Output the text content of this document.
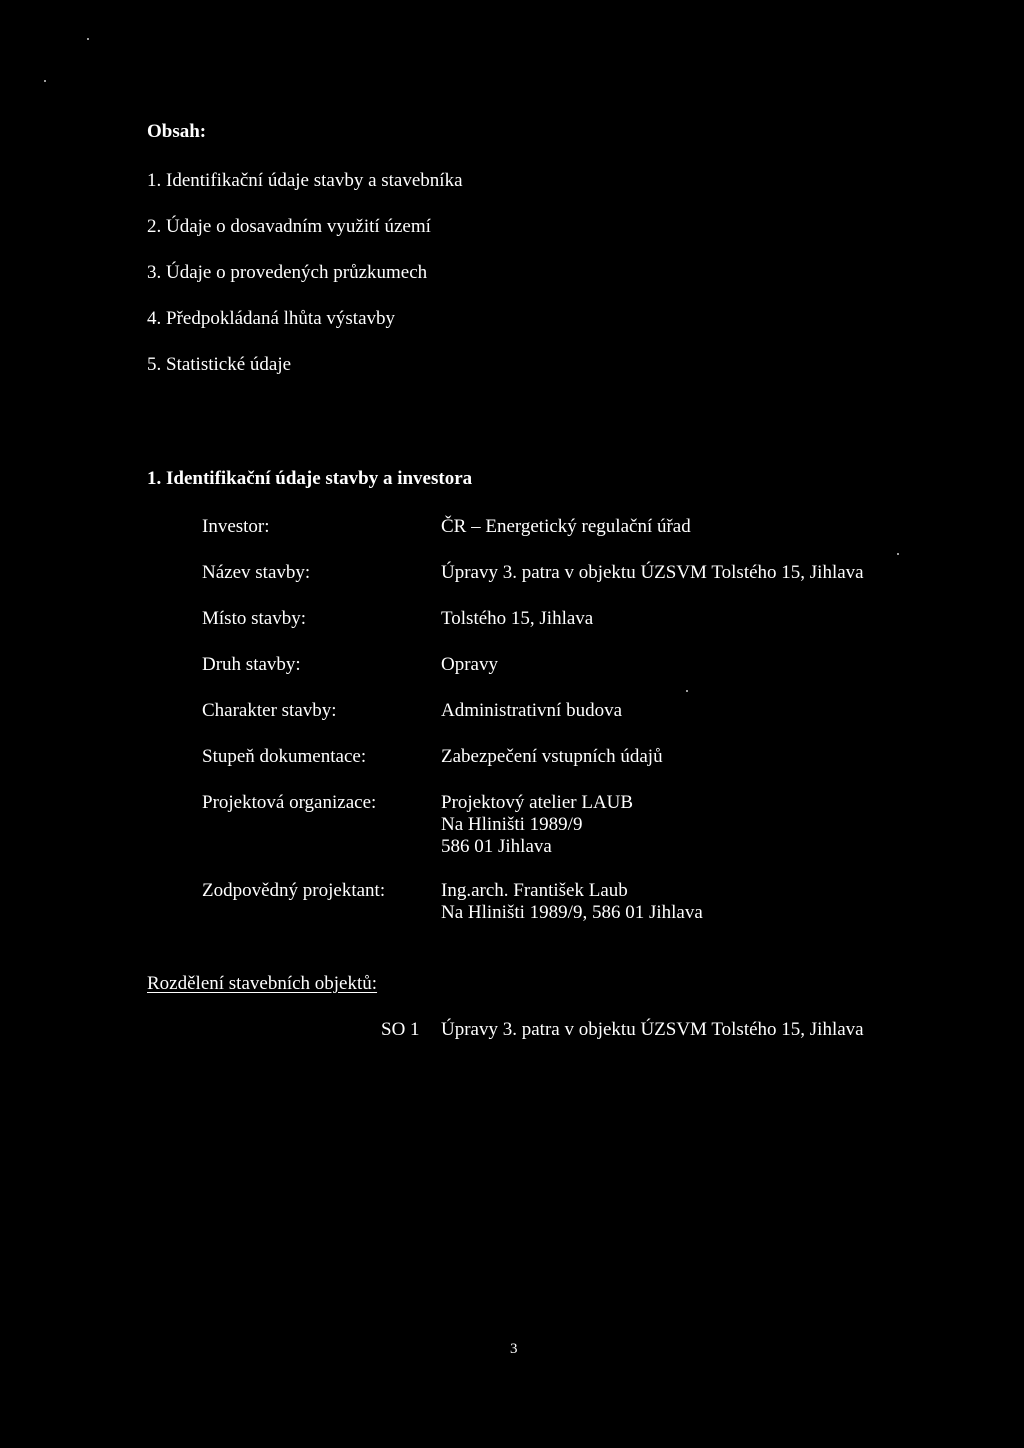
Obsah:
1. Identifikační údaje stavby a stavebníka
2. Údaje o dosavadním využití území
3. Údaje o provedených průzkumech
4. Předpokládaná lhůta výstavby
5. Statistické údaje
1. Identifikační údaje stavby a investora
Investor:	ČR – Energetický regulační úřad
Název stavby:	Úpravy 3. patra v objektu ÚZSVM Tolstého 15, Jihlava
Místo stavby:	Tolstého 15, Jihlava
Druh stavby:	Opravy
Charakter stavby:	Administrativní budova
Stupeň dokumentace:	Zabezpečení vstupních údajů
Projektová organizace:	Projektový atelier LAUB
Na Hliništi 1989/9
586 01 Jihlava
Zodpovědný projektant:	Ing.arch. František Laub
Na Hliništi 1989/9, 586 01 Jihlava
Rozdělení stavebních objektů:
SO 1 Úpravy 3. patra v objektu ÚZSVM Tolstého 15, Jihlava
3
